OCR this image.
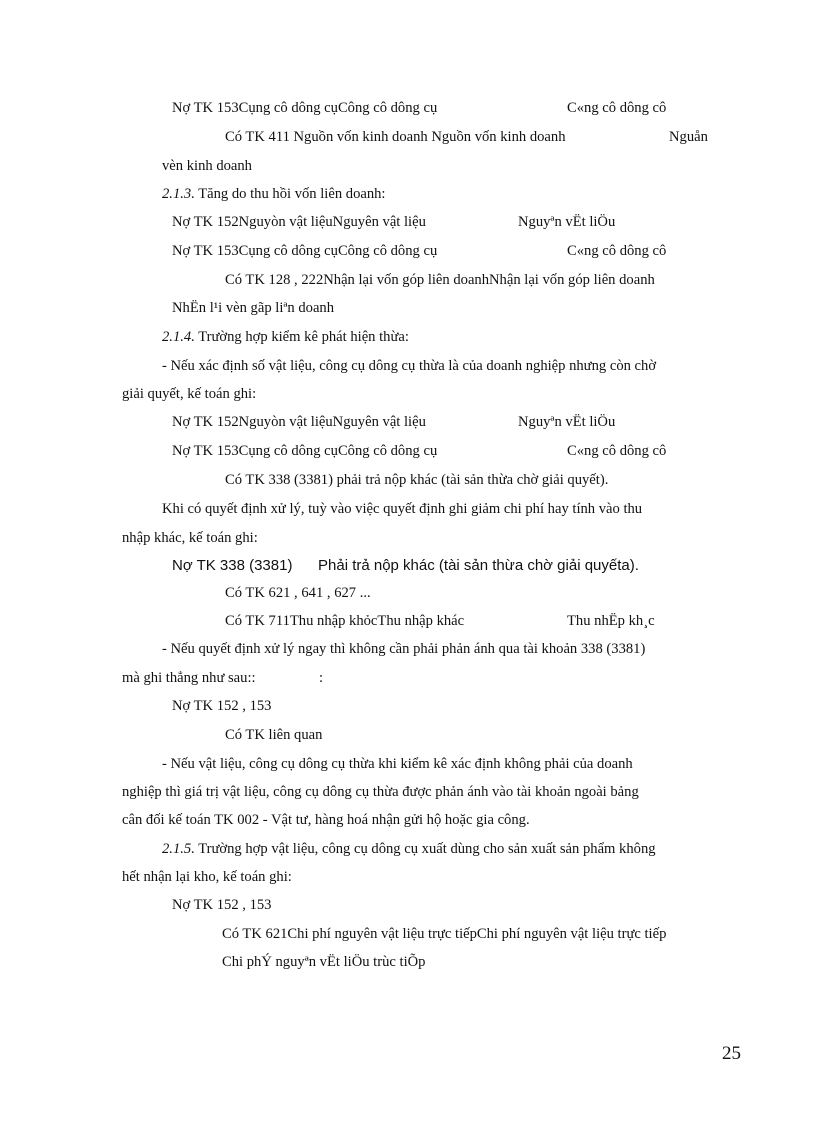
Nợ TK 153Cụng cô dông cụCông cô dông cụ	C«ng cô dông cô
Có TK 411 Nguồn vốn kinh doanh Nguồn vốn kinh doanh	Nguån
vèn kinh doanh
2.1.3. Tăng do thu hồi vốn liên doanh:
Nợ TK 152Nguyòn vật liệuNguyên vật liệu	Nguyªn vËt liÖu
Nợ TK 153Cụng cô dông cụCông cô dông cụ	C«ng cô dông cô
Có TK 128 , 222Nhận lại vốn góp liên doanhNhận lại vốn góp liên doanh
NhËn l¹i vèn gãp liªn doanh
2.1.4. Trường hợp kiểm kê phát hiện thừa:
- Nếu xác định số vật liệu, công cụ dông cụ thừa là của doanh nghiệp nhưng còn chờ
giải quyết, kế toán ghi:
Nợ TK 152Nguyòn vật liệuNguyên vật liệu	Nguyªn vËt liÖu
Nợ TK 153Cụng cô dông cụCông cô dông cụ	C«ng cô dông cô
Có TK 338 (3381) phải trả nộp khác (tài sản thừa chờ giải quyết).
Khi có quyết định xử lý, tuỳ vào việc quyết định ghi giảm chi phí hay tính vào thu
nhập khác, kế toán ghi:
Nợ TK 338 (3381) Phải trả nộp khác (tài sản thừa chờ giải quyếta).
Có TK 621 , 641 , 627 ...
Có TK 711Thu nhập khỏcThu nhập khác	Thu nhËp kh¸c
- Nếu quyết định xử lý ngay thì không cần phải phản ánh qua tài khoản 338 (3381)
mà ghi thẳng như sau::	:
Nợ TK 152 , 153
Có TK liên quan
- Nếu vật liệu, công cụ dông cụ thừa khi kiểm kê xác định không phải của doanh
nghiệp thì giá trị vật liệu, công cụ dông cụ thừa được phản ánh vào tài khoản ngoài bảng
cân đối kế toán TK 002 - Vật tư, hàng hoá nhận gửi hộ hoặc gia công.
2.1.5. Trường hợp vật liệu, công cụ dông cụ xuất dùng cho sản xuất sản phẩm không
hết nhận lại kho, kế toán ghi:
Nợ TK 152 , 153
Có TK 621Chi phí nguyên vật liệu trực tiếpChi phí nguyên vật liệu trực tiếp
Chi phÝ nguyªn vËt liÖu trùc tiÕp
25
